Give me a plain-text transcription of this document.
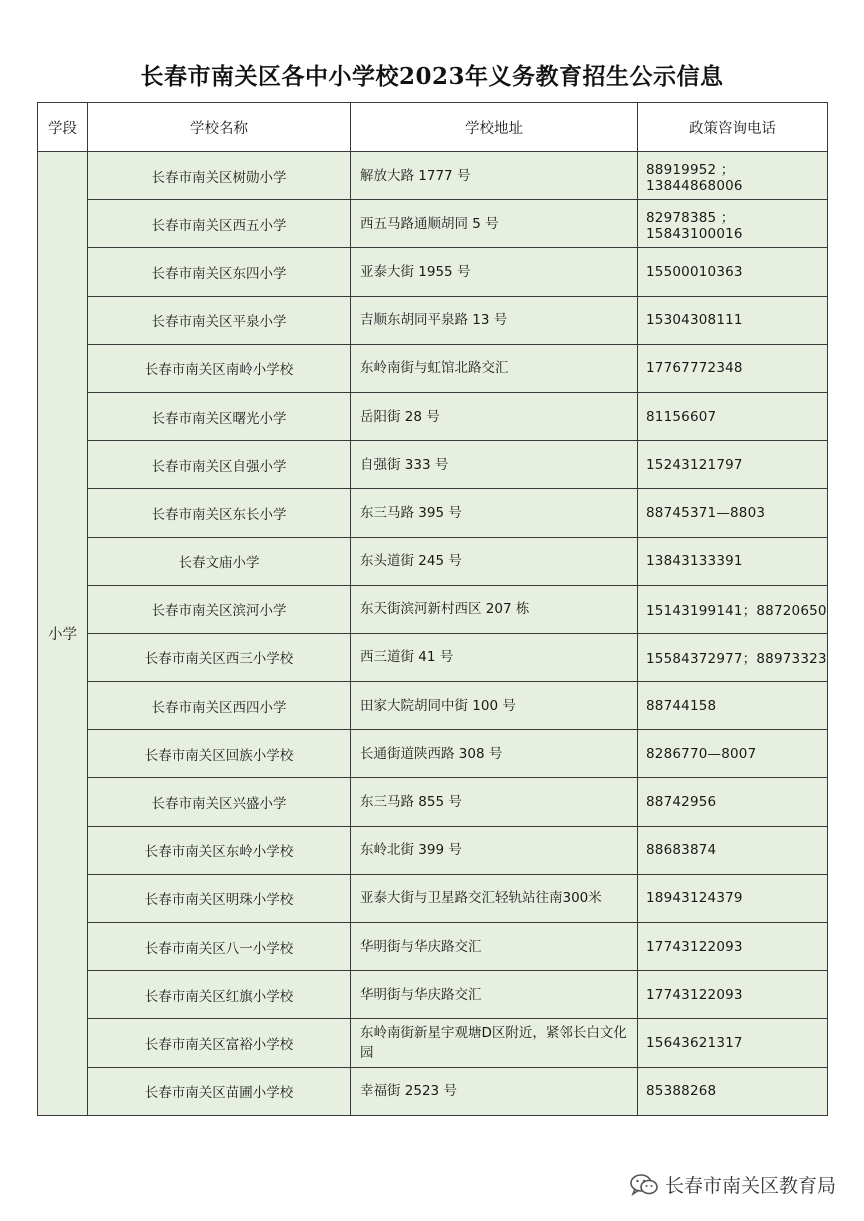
长春市南关区各中小学校2023年义务教育招生公示信息
学段	学校名称	学校地址	政策咨询电话
小学	长春市南关区树勋小学	解放大路 1777 号	88919952 ；13844868006
	长春市南关区西五小学	西五马路通顺胡同 5 号	82978385 ；15843100016
	长春市南关区东四小学	亚泰大街 1955 号	15500010363
	长春市南关区平泉小学	吉顺东胡同平泉路 13 号	15304308111
	长春市南关区南岭小学校	东岭南街与虹馆北路交汇	17767772348
	长春市南关区曙光小学	岳阳街 28 号	81156607
	长春市南关区自强小学	自强街 333 号	15243121797
	长春市南关区东长小学	东三马路 395 号	88745371—8803
	长春文庙小学	东头道街 245 号	13843133391
	长春市南关区滨河小学	东天街滨河新村西区 207 栋	15143199141；88720650
	长春市南关区西三小学校	西三道街 41 号	15584372977；88973323
	长春市南关区西四小学	田家大院胡同中街 100 号	88744158
	长春市南关区回族小学校	长通街道陕西路 308 号	8286770—8007
	长春市南关区兴盛小学	东三马路 855 号	88742956
	长春市南关区东岭小学校	东岭北街 399 号	88683874
	长春市南关区明珠小学校	亚泰大街与卫星路交汇轻轨站往南300米	18943124379
	长春市南关区八一小学校	华明街与华庆路交汇	17743122093
	长春市南关区红旗小学校	华明街与华庆路交汇	17743122093
	长春市南关区富裕小学校	东岭南街新星宇观塘D区附近，紧邻长白文化园	15643621317
	长春市南关区苗圃小学校	幸福街 2523 号	85388268
长春市南关区教育局
